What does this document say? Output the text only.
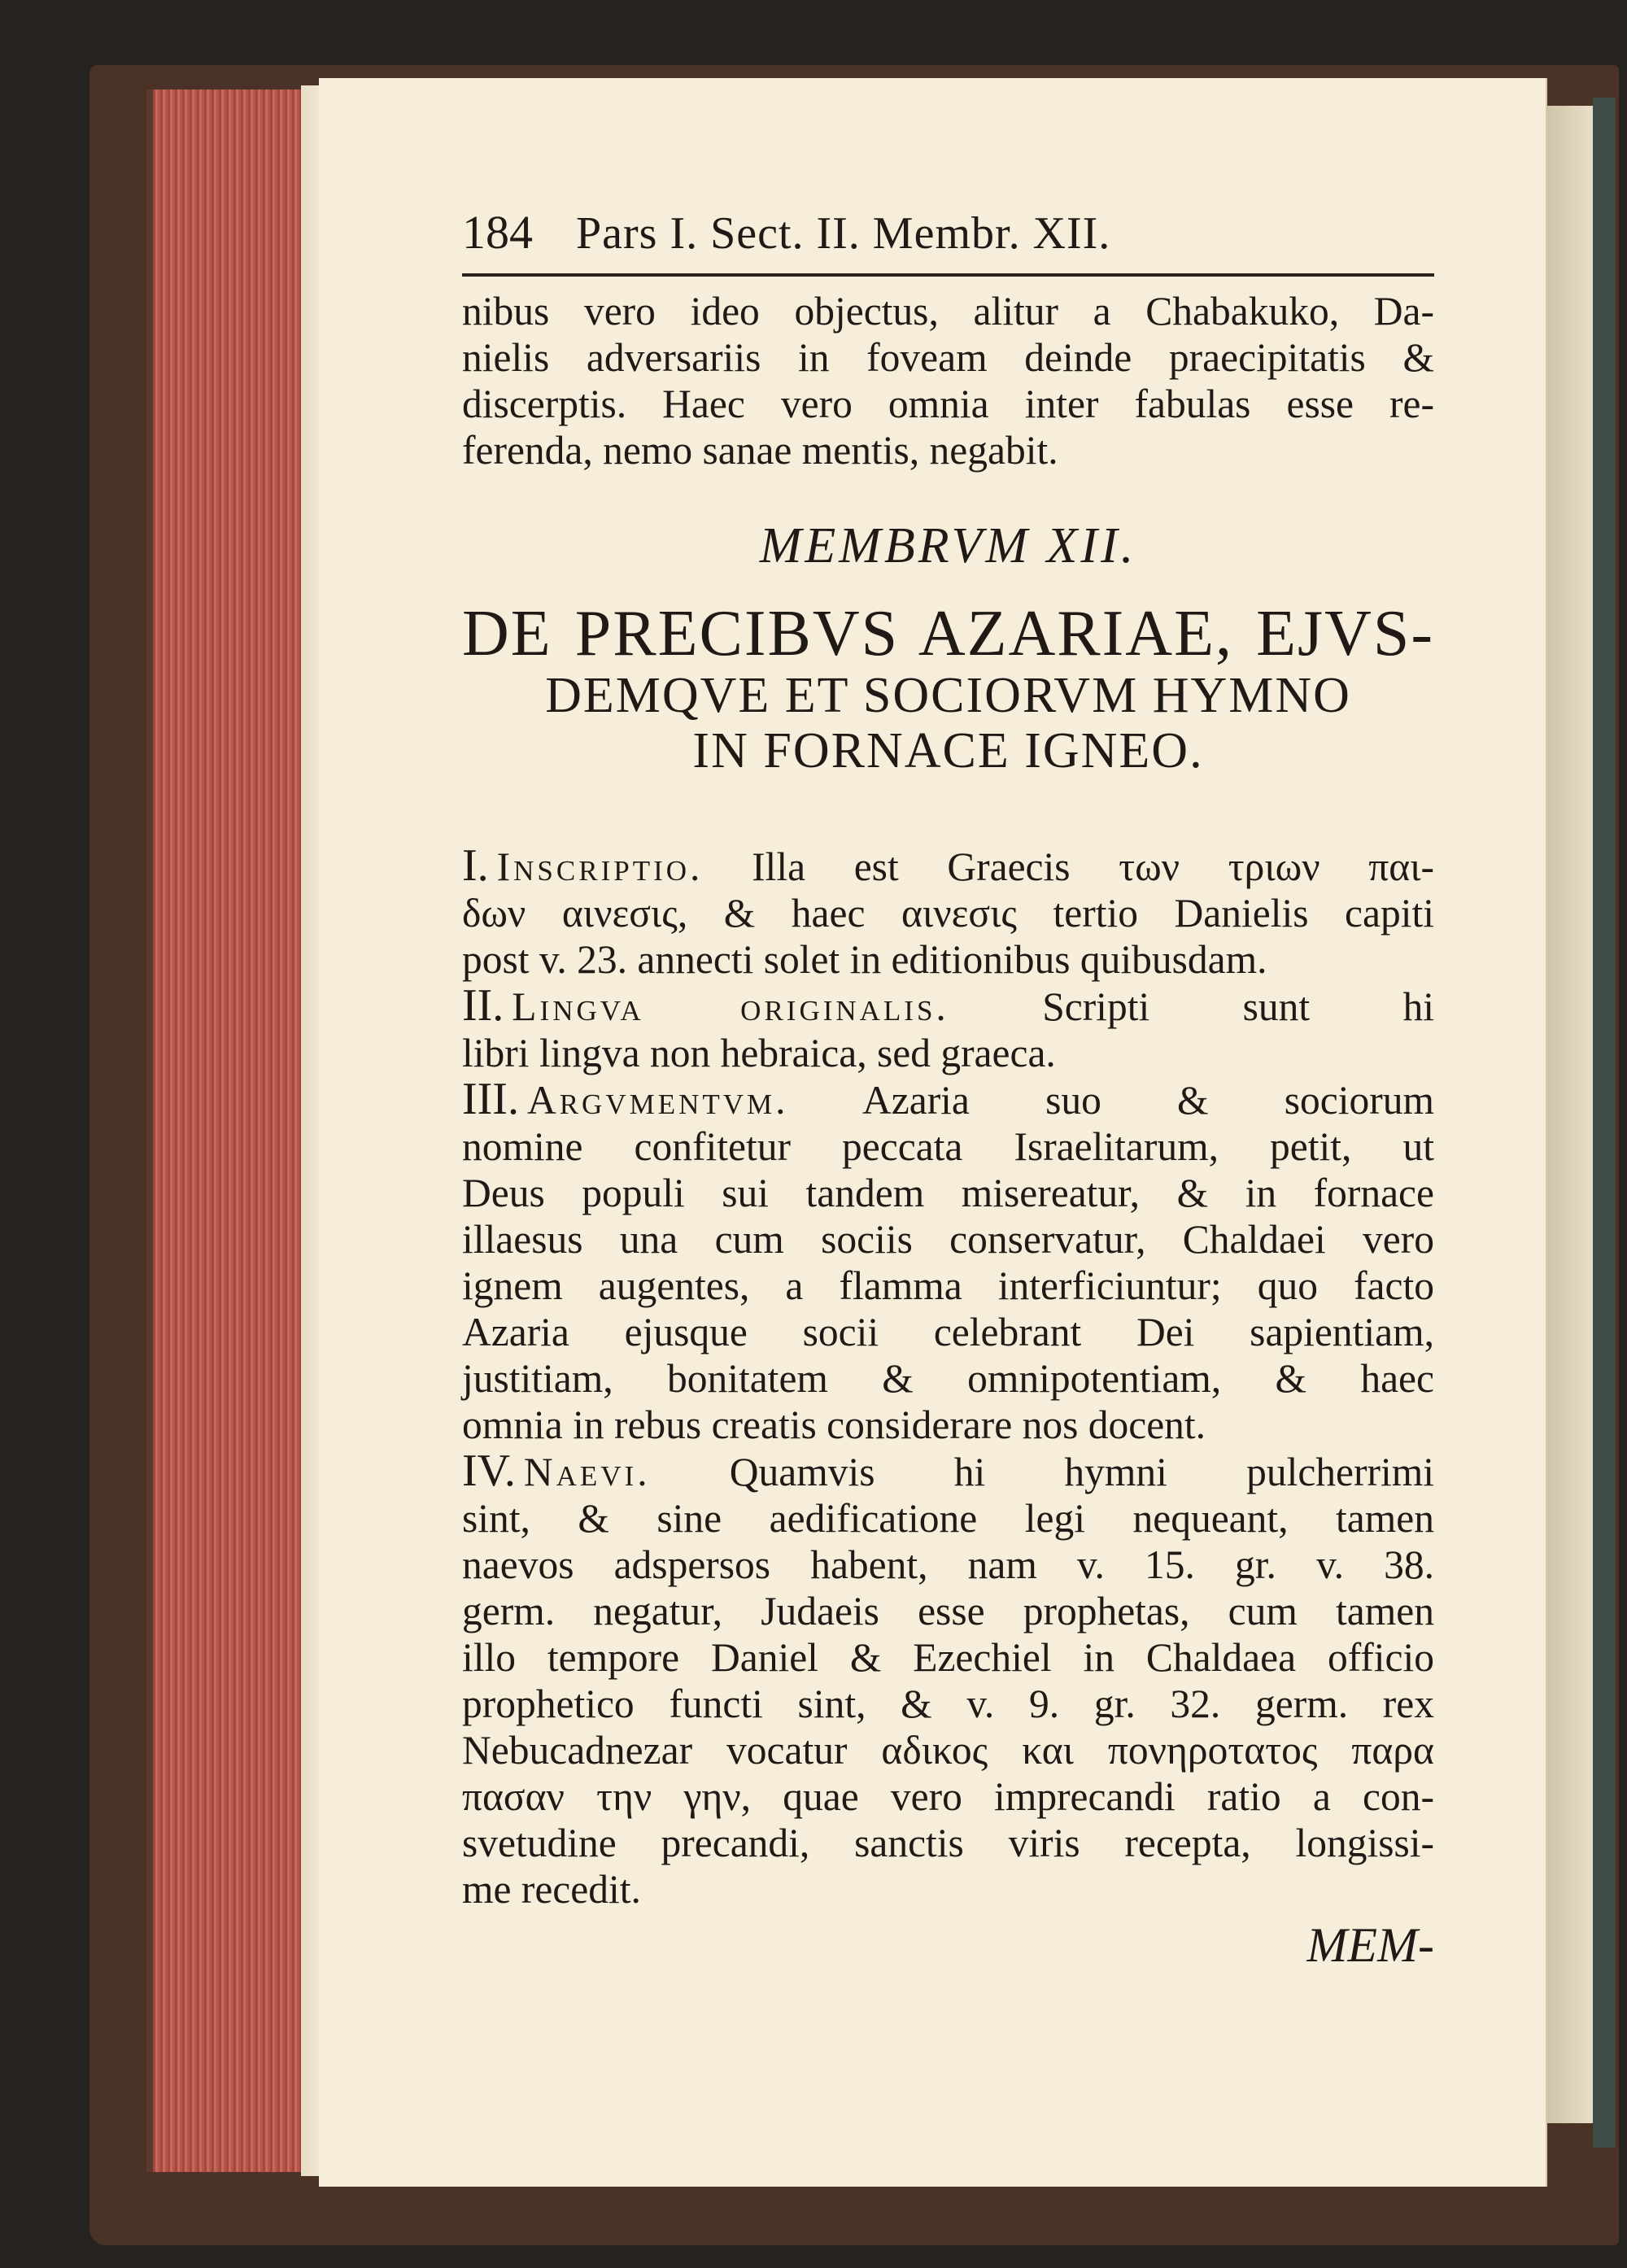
184 Pars I. Sect. II. Membr. XII.
nibus vero ideo objectus, alitur a Chabakuko, Da-
nielis adversariis in foveam deinde praecipitatis &
discerptis. Haec vero omnia inter fabulas esse re-
ferenda, nemo sanae mentis, negabit.
MEMBRVM XII.
DE PRECIBVS AZARIAE, EJVS-
DEMQVE ET SOCIORVM HYMNO
IN FORNACE IGNEO.
I. Inscriptio. Illa est Graecis των τριων παι-
δων αινεσις, & haec αινεσις tertio Danielis capiti
post v. 23. annecti solet in editionibus quibusdam.
II. Lingva originalis. Scripti sunt hi
libri lingva non hebraica, sed graeca.
III. Argvmentvm. Azaria suo & sociorum
nomine confitetur peccata Israelitarum, petit, ut
Deus populi sui tandem misereatur, & in fornace
illaesus una cum sociis conservatur, Chaldaei vero
ignem augentes, a flamma interficiuntur; quo facto
Azaria ejusque socii celebrant Dei sapientiam,
justitiam, bonitatem & omnipotentiam, & haec
omnia in rebus creatis considerare nos docent.
IV. Naevi. Quamvis hi hymni pulcherrimi
sint, & sine aedificatione legi nequeant, tamen
naevos adspersos habent, nam v. 15. gr. v. 38.
germ. negatur, Judaeis esse prophetas, cum tamen
illo tempore Daniel & Ezechiel in Chaldaea officio
prophetico functi sint, & v. 9. gr. 32. germ. rex
Nebucadnezar vocatur αδικος και πονηροτατος παρα
πασαν την γην, quae vero imprecandi ratio a con-
svetudine precandi, sanctis viris recepta, longissi-
me recedit.
MEM-
